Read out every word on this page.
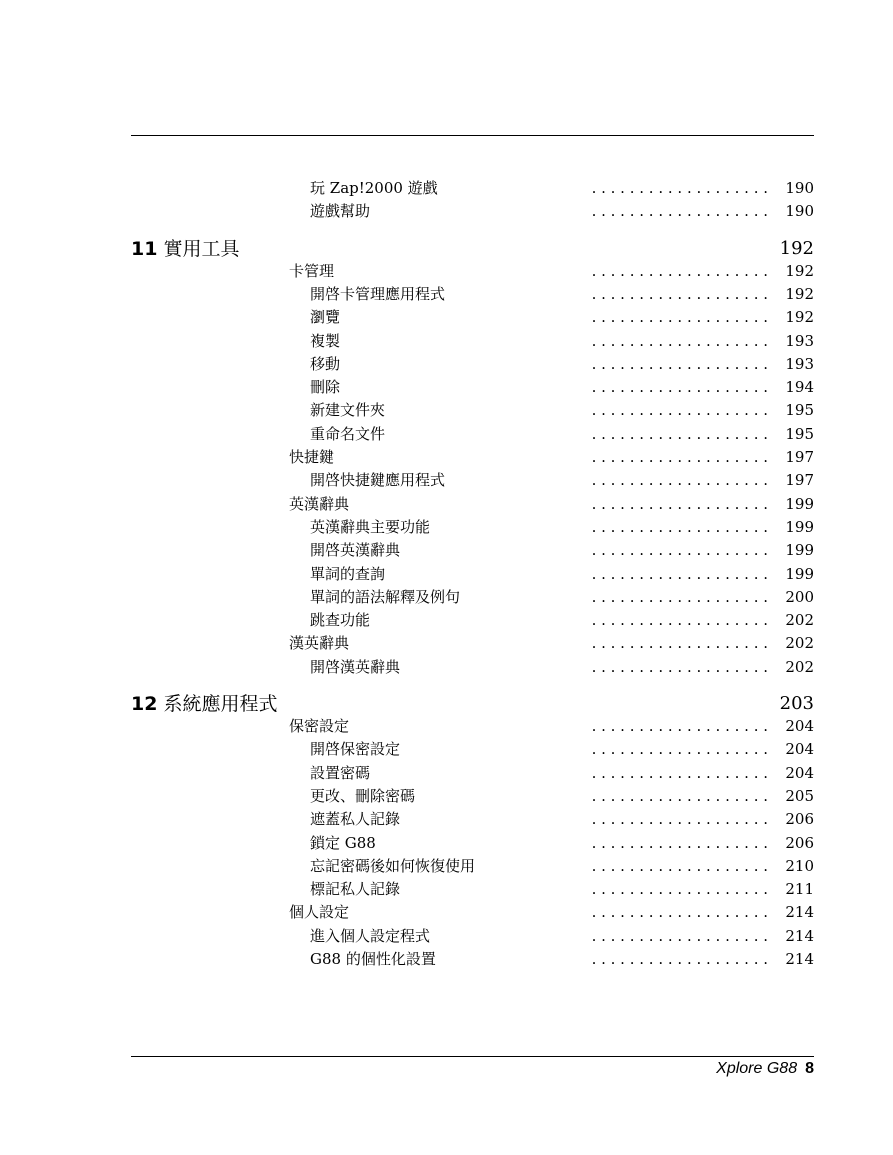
. . . . . . . . . . . . . . . . . . .
玩 Zap!2000 遊戲	190
. . . . . . . . . . . . . . . . . . .
遊戲幫助	190
11 實用工具	192
. . . . . . . . . . . . . . . . . . .
卡管理	192
. . . . . . . . . . . . . . . . . . .
開啓卡管理應用程式	192
. . . . . . . . . . . . . . . . . . .
瀏覽	192
. . . . . . . . . . . . . . . . . . .
複製	193
. . . . . . . . . . . . . . . . . . .
移動	193
. . . . . . . . . . . . . . . . . . .
刪除	194
. . . . . . . . . . . . . . . . . . .
新建文件夾	195
. . . . . . . . . . . . . . . . . . .
重命名文件	195
. . . . . . . . . . . . . . . . . . .
快捷鍵	197
. . . . . . . . . . . . . . . . . . .
開啓快捷鍵應用程式	197
. . . . . . . . . . . . . . . . . . .
英漢辭典	199
. . . . . . . . . . . . . . . . . . .
英漢辭典主要功能	199
. . . . . . . . . . . . . . . . . . .
開啓英漢辭典	199
. . . . . . . . . . . . . . . . . . .
單詞的查詢	199
. . . . . . . . . . . . . . . . . . .
單詞的語法解釋及例句	200
. . . . . . . . . . . . . . . . . . .
跳查功能	202
. . . . . . . . . . . . . . . . . . .
漢英辭典	202
. . . . . . . . . . . . . . . . . . .
開啓漢英辭典	202
12 系統應用程式	203
. . . . . . . . . . . . . . . . . . .
保密設定	204
. . . . . . . . . . . . . . . . . . .
開啓保密設定	204
. . . . . . . . . . . . . . . . . . .
設置密碼	204
. . . . . . . . . . . . . . . . . . .
更改、刪除密碼	205
. . . . . . . . . . . . . . . . . . .
遮蓋私人記錄	206
. . . . . . . . . . . . . . . . . . .
鎖定 G88	206
. . . . . . . . . . . . . . . . . . .
忘記密碼後如何恢復使用	210
. . . . . . . . . . . . . . . . . . .
標記私人記錄	211
. . . . . . . . . . . . . . . . . . .
個人設定	214
. . . . . . . . . . . . . . . . . . .
進入個人設定程式	214
. . . . . . . . . . . . . . . . . . .
G88 的個性化設置	214
Xplore G88 8
